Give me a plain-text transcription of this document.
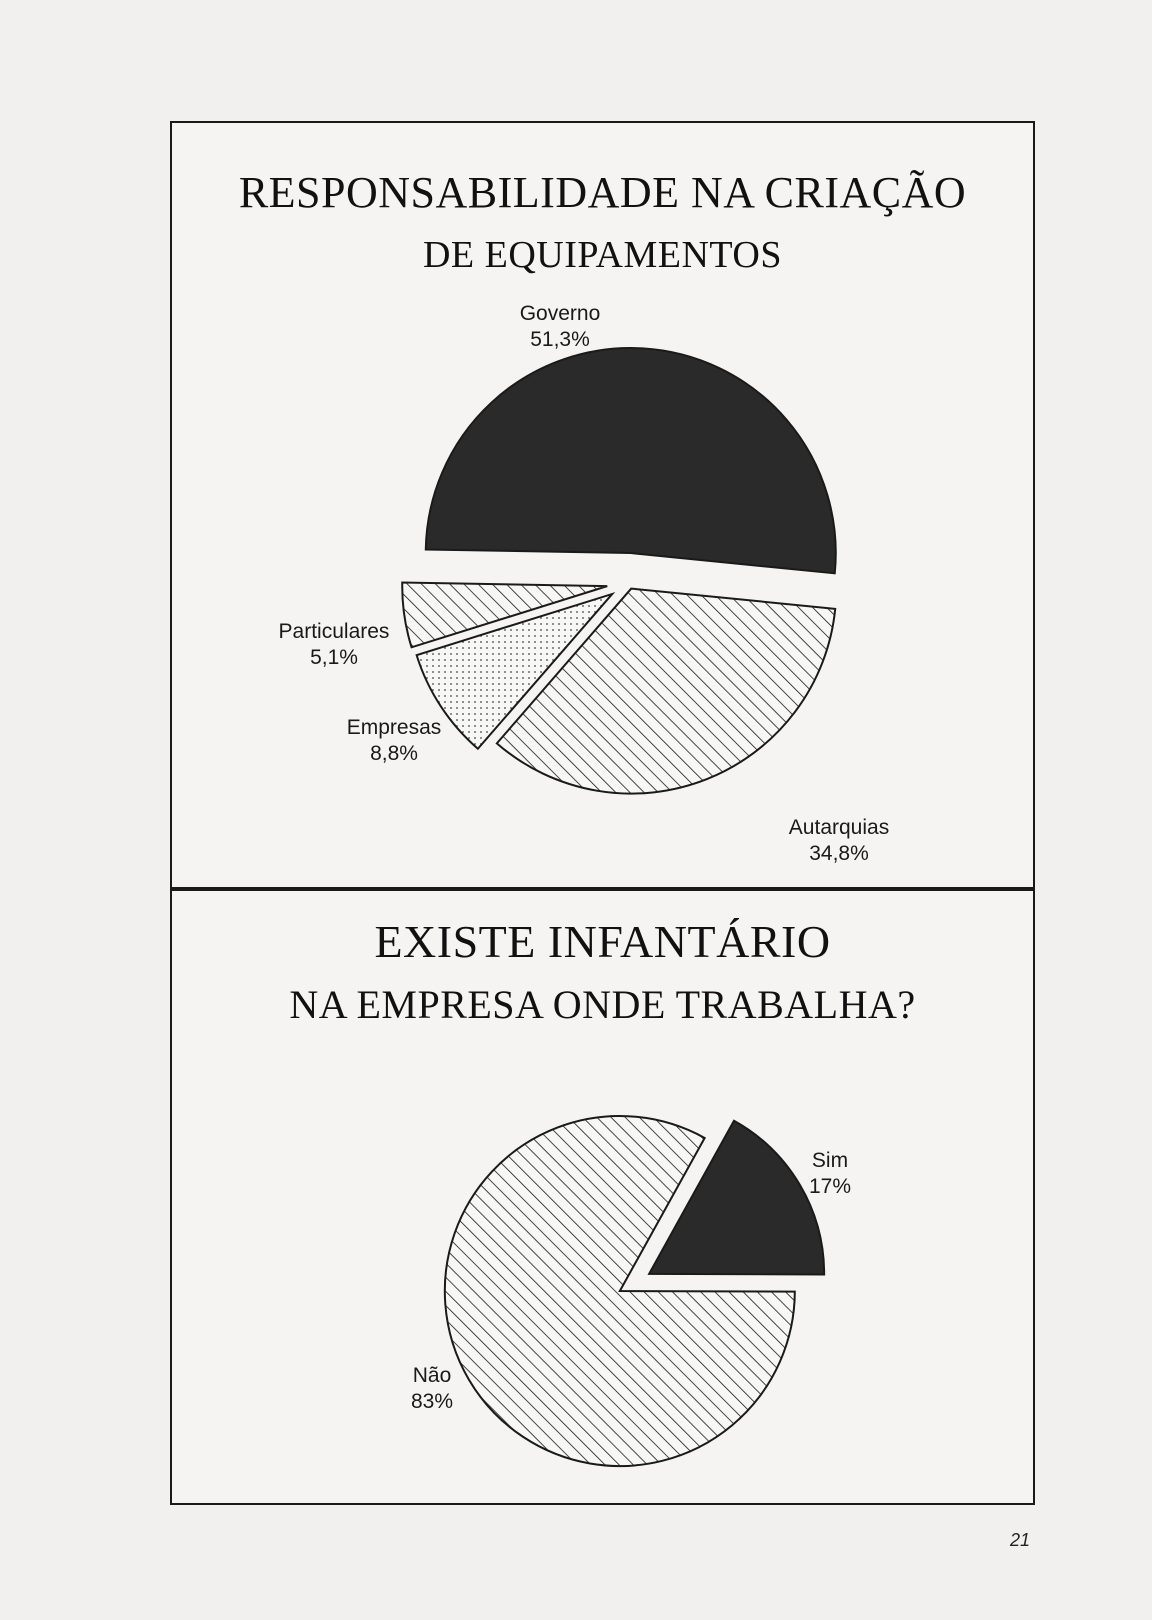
RESPONSABILIDADE NA CRIAÇÃO
DE EQUIPAMENTOS
Governo
51,3%
Autarquias
34,8%
Empresas
8,8%
Particulares
5,1%
EXISTE INFANTÁRIO
NA EMPRESA ONDE TRABALHA?
Sim
17%
Não
83%
21
